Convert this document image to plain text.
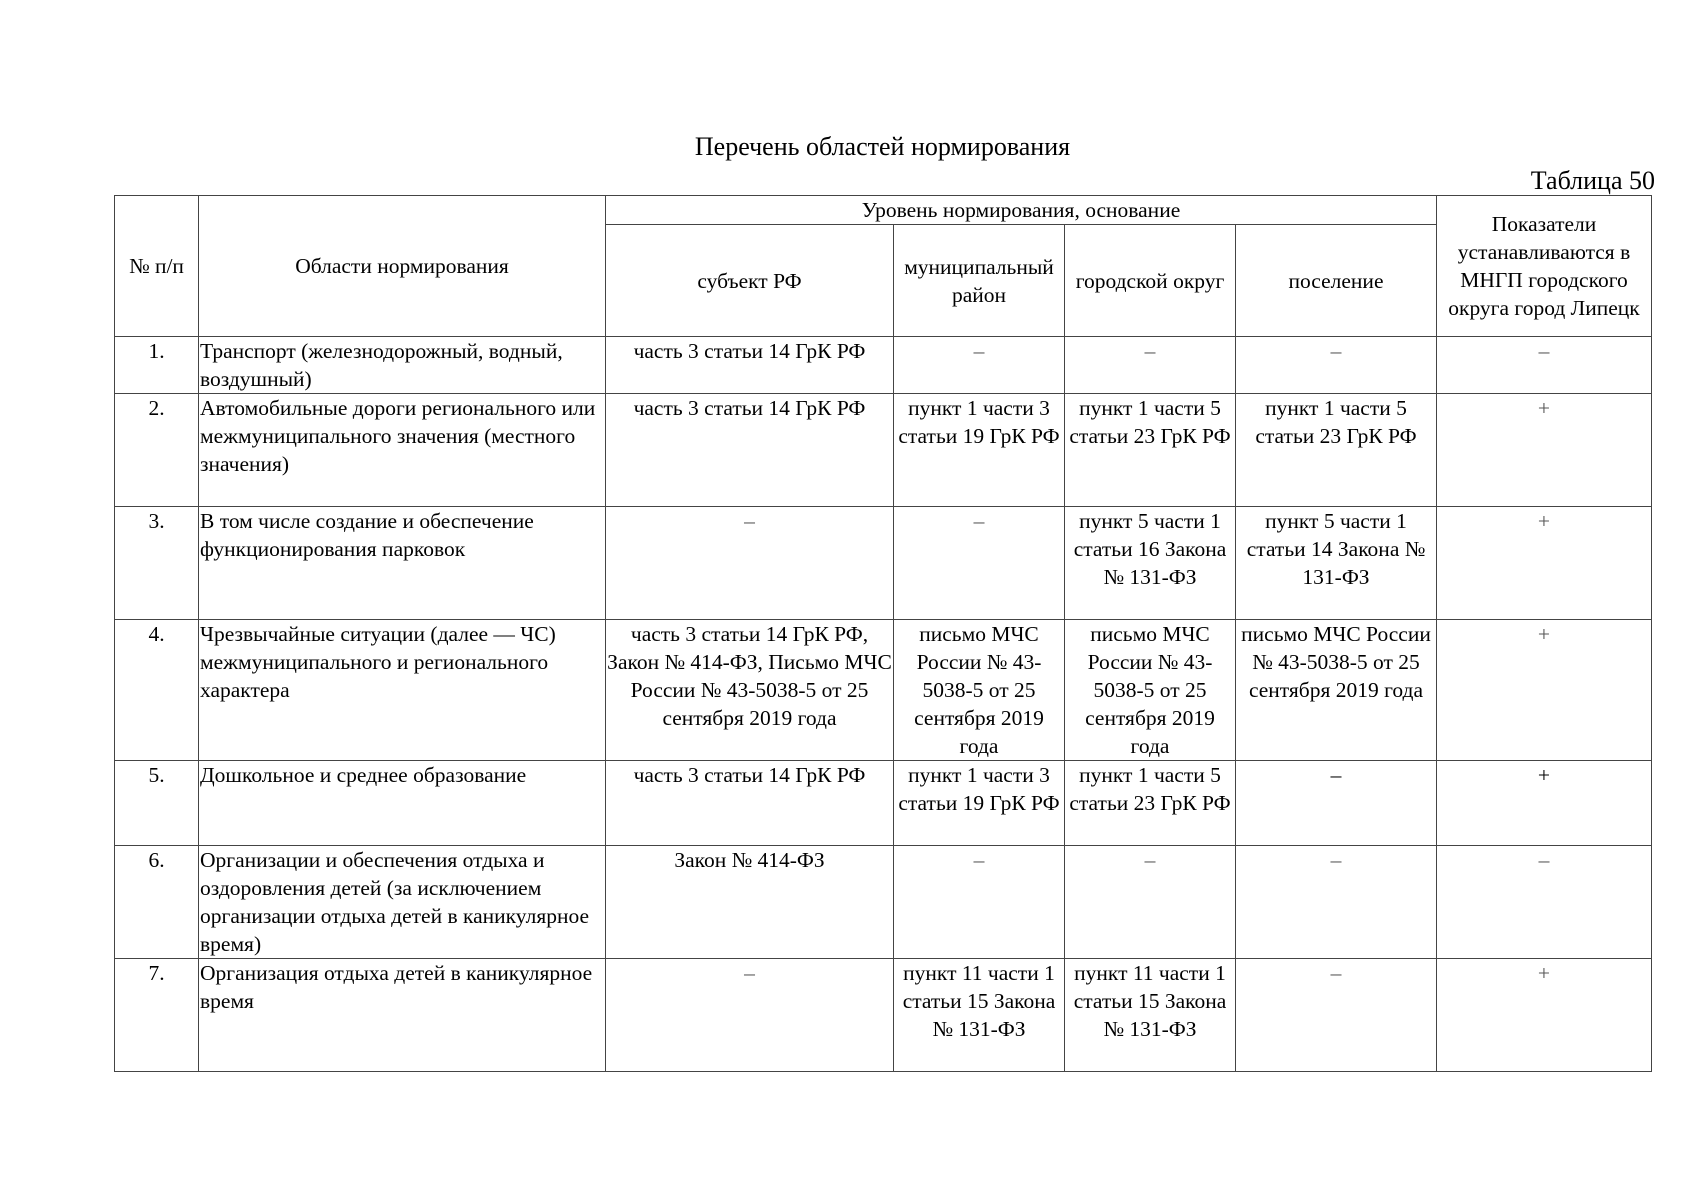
Перечень областей нормирования
Таблица 50
№ п/п	Области нормирования	Уровень нормирования, основание				Показатели устанавливаются в МНГП городского округа город Липецк
		субъект РФ	муниципальный район	городской округ	поселение	
1.	Транспорт (железнодорожный, водный, воздушный)	часть 3 статьи 14 ГрК РФ	–	–	–	–
2.	Автомобильные дороги регионального или межмуниципального значения (местного значения)	часть 3 статьи 14 ГрК РФ	пункт 1 части 3 статьи 19 ГрК РФ	пункт 1 части 5 статьи 23 ГрК РФ	пункт 1 части 5 статьи 23 ГрК РФ	+
3.	В том числе создание и обеспечение функционирования парковок	–	–	пункт 5 части 1 статьи 16 Закона № 131-ФЗ	пункт 5 части 1 статьи 14 Закона № 131-ФЗ	+
4.	Чрезвычайные ситуации (далее — ЧС) межмуниципального и регионального характера	часть 3 статьи 14 ГрК РФ, Закон № 414-ФЗ, Письмо МЧС России № 43-5038-5 от 25 сентября 2019 года	письмо МЧС России № 43-5038-5 от 25 сентября 2019 года	письмо МЧС России № 43-5038-5 от 25 сентября 2019 года	письмо МЧС России № 43-5038-5 от 25 сентября 2019 года	+
5.	Дошкольное и среднее образование	часть 3 статьи 14 ГрК РФ	пункт 1 части 3 статьи 19 ГрК РФ	пункт 1 части 5 статьи 23 ГрК РФ	–	+
6.	Организации и обеспечения отдыха и оздоровления детей (за исключением организации отдыха детей в каникулярное время)	Закон № 414-ФЗ	–	–	–	–
7.	Организация отдыха детей в каникулярное время	–	пункт 11 части 1 статьи 15 Закона № 131-ФЗ	пункт 11 части 1 статьи 15 Закона № 131-ФЗ	–	+
